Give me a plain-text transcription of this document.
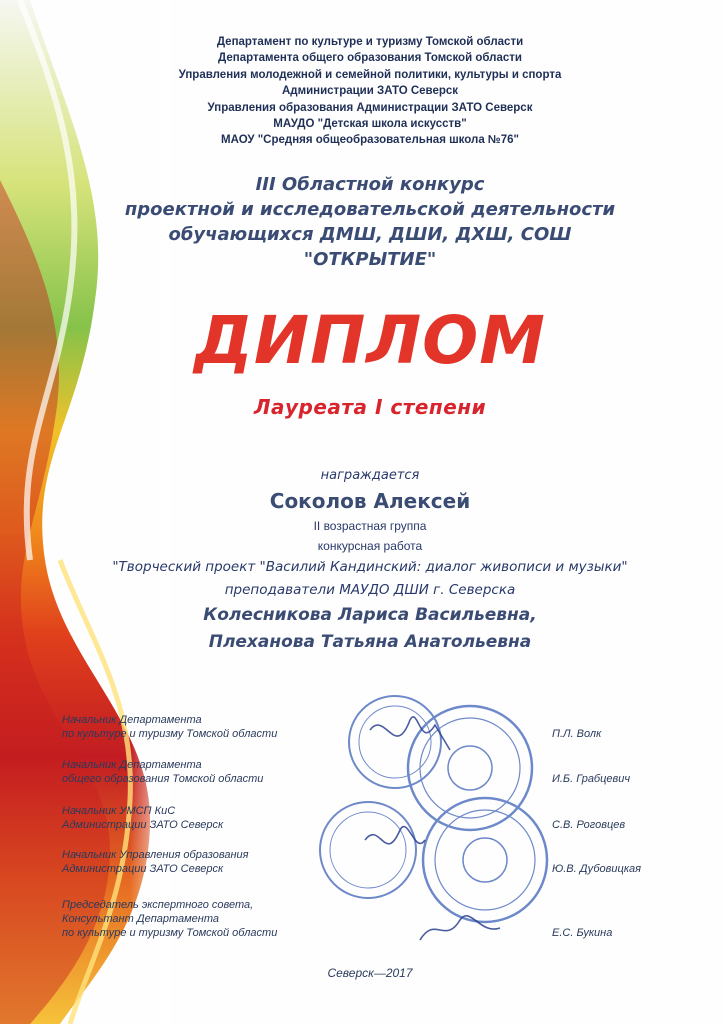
Департамент по культуре и туризму Томской области
Департамента общего образования Томской области
Управления молодежной и семейной политики, культуры и спорта
Администрации ЗАТО Северск
Управления образования Администрации ЗАТО Северск
МАУДО "Детская школа искусств"
МАОУ "Средняя общеобразовательная школа №76"
III Областной конкурс
проектной и исследовательской деятельности
обучающихся ДМШ, ДШИ, ДХШ, СОШ
"ОТКРЫТИЕ"
ДИПЛОМ
Лауреата I степени
награждается
Соколов Алексей
II возрастная группа
конкурсная работа
"Творческий проект "Василий Кандинский: диалог живописи и музыки"
преподаватели МАУДО ДШИ г. Северска
Колесникова Лариса Васильевна,
Плеханова Татьяна Анатольевна
Начальник Департамента
по культуре и туризму Томской области	П.Л. Волк
Начальник Департамента
общего образования Томской области	И.Б. Грабцевич
Начальник УМСП КиС
Администрации ЗАТО Северск	С.В. Роговцев
Начальник Управления образования
Администрации ЗАТО Северск	Ю.В. Дубовицкая
Председатель экспертного совета,
Консультант Департамента
по культуре и туризму Томской области	Е.С. Букина
Северск—2017
